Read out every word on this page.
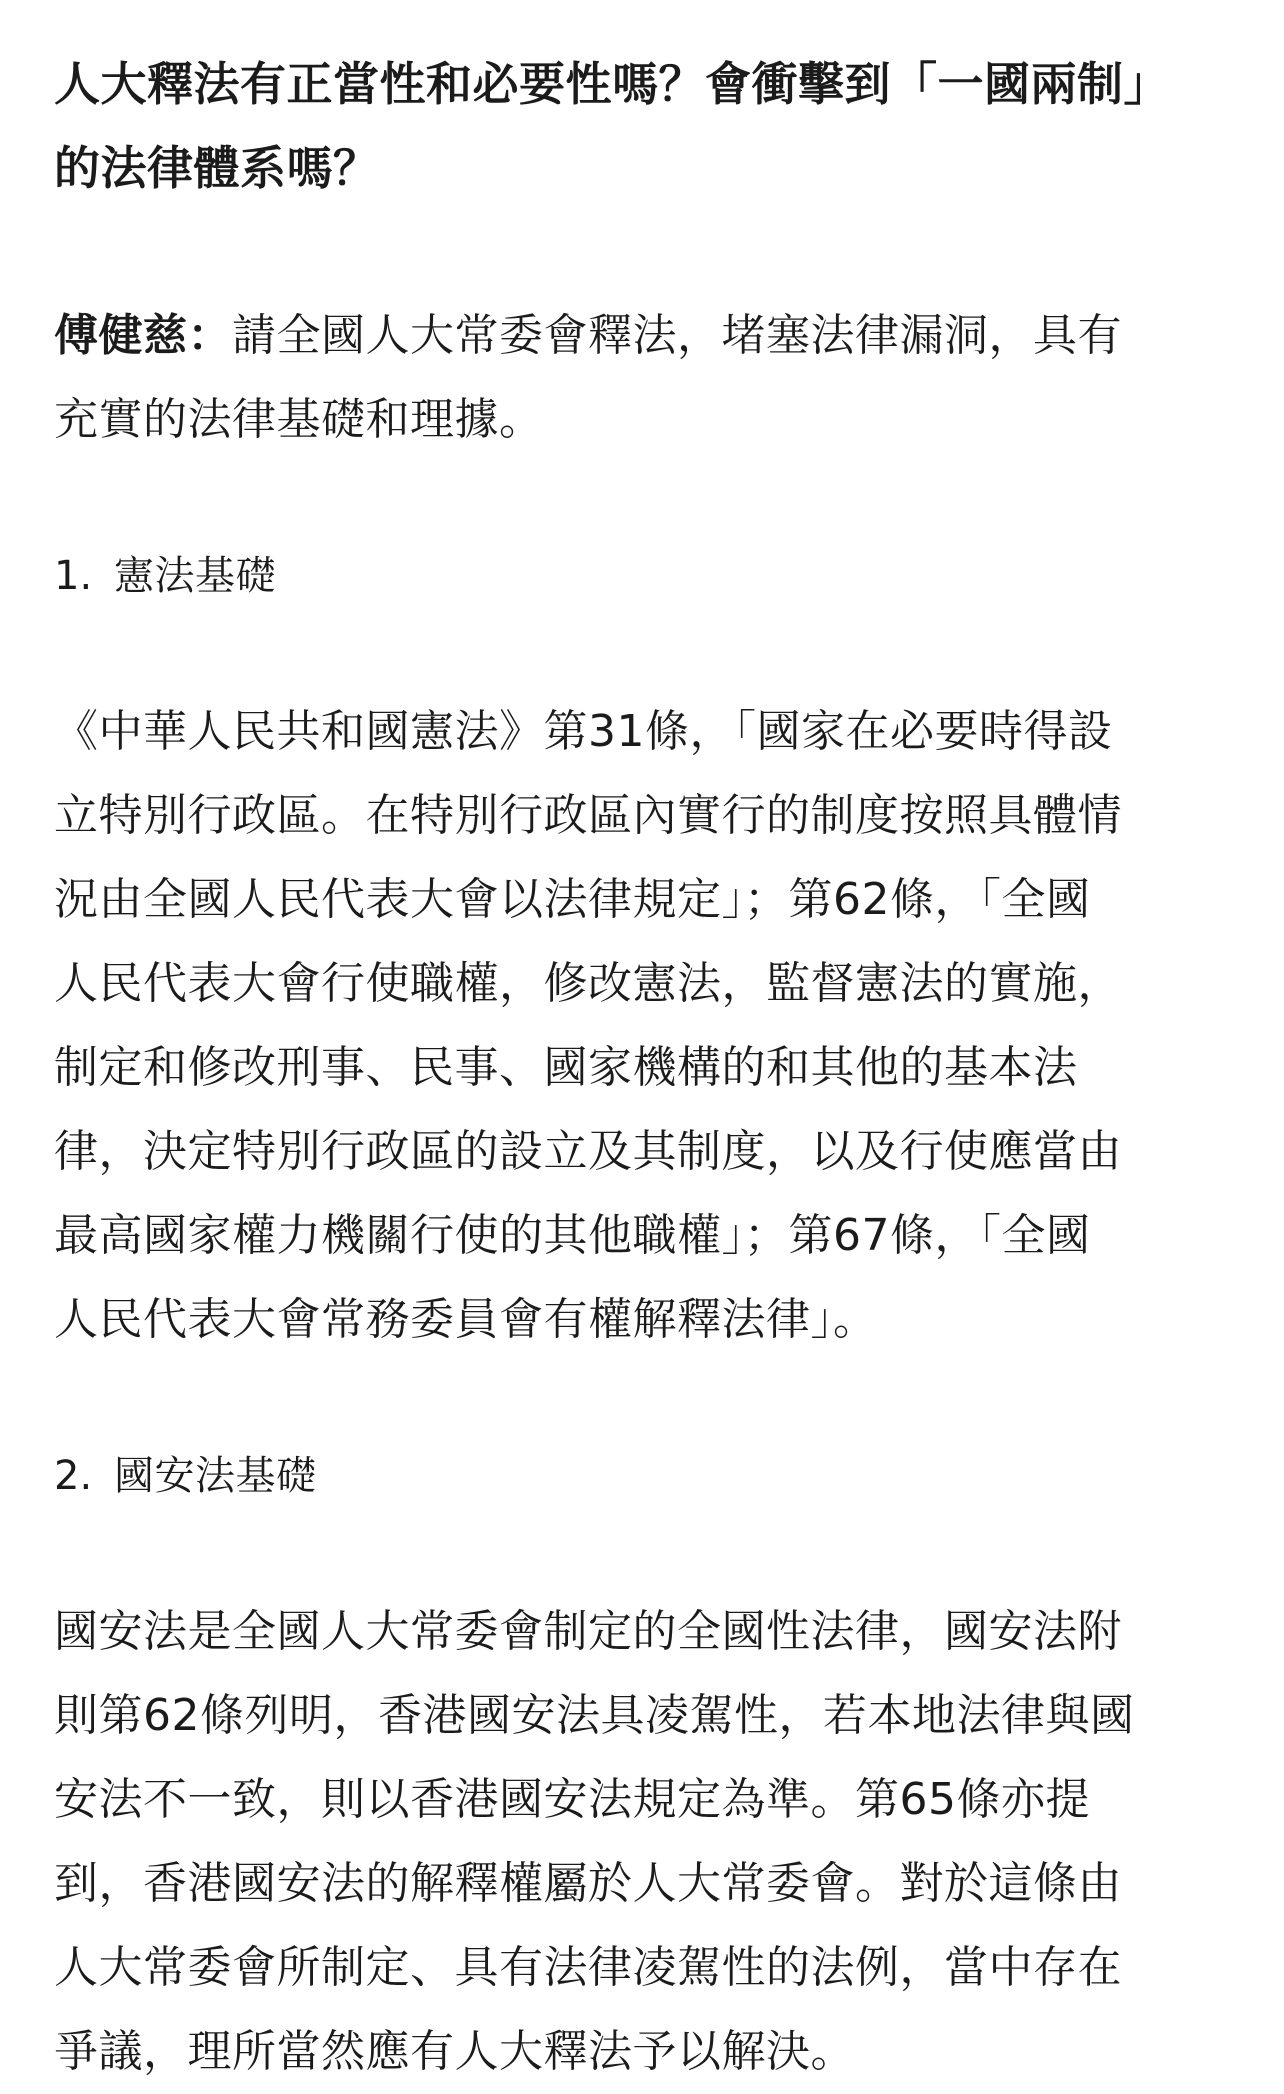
人大釋法有正當性和必要性嗎？會衝擊到「一國兩制」
的法律體系嗎？

傅健慈：請全國人大常委會釋法，堵塞法律漏洞，具有
充實的法律基礎和理據。

1. 憲法基礎

《中華人民共和國憲法》第31條，「國家在必要時得設
立特別行政區。在特別行政區內實行的制度按照具體情
況由全國人民代表大會以法律規定」；第62條，「全國
人民代表大會行使職權，修改憲法，監督憲法的實施，
制定和修改刑事、民事、國家機構的和其他的基本法
律，決定特別行政區的設立及其制度，以及行使應當由
最高國家權力機關行使的其他職權」；第67條，「全國
人民代表大會常務委員會有權解釋法律」。

2. 國安法基礎

國安法是全國人大常委會制定的全國性法律，國安法附
則第62條列明，香港國安法具凌駕性，若本地法律與國
安法不一致，則以香港國安法規定為準。第65條亦提
到，香港國安法的解釋權屬於人大常委會。對於這條由
人大常委會所制定、具有法律凌駕性的法例，當中存在
爭議，理所當然應有人大釋法予以解決。
